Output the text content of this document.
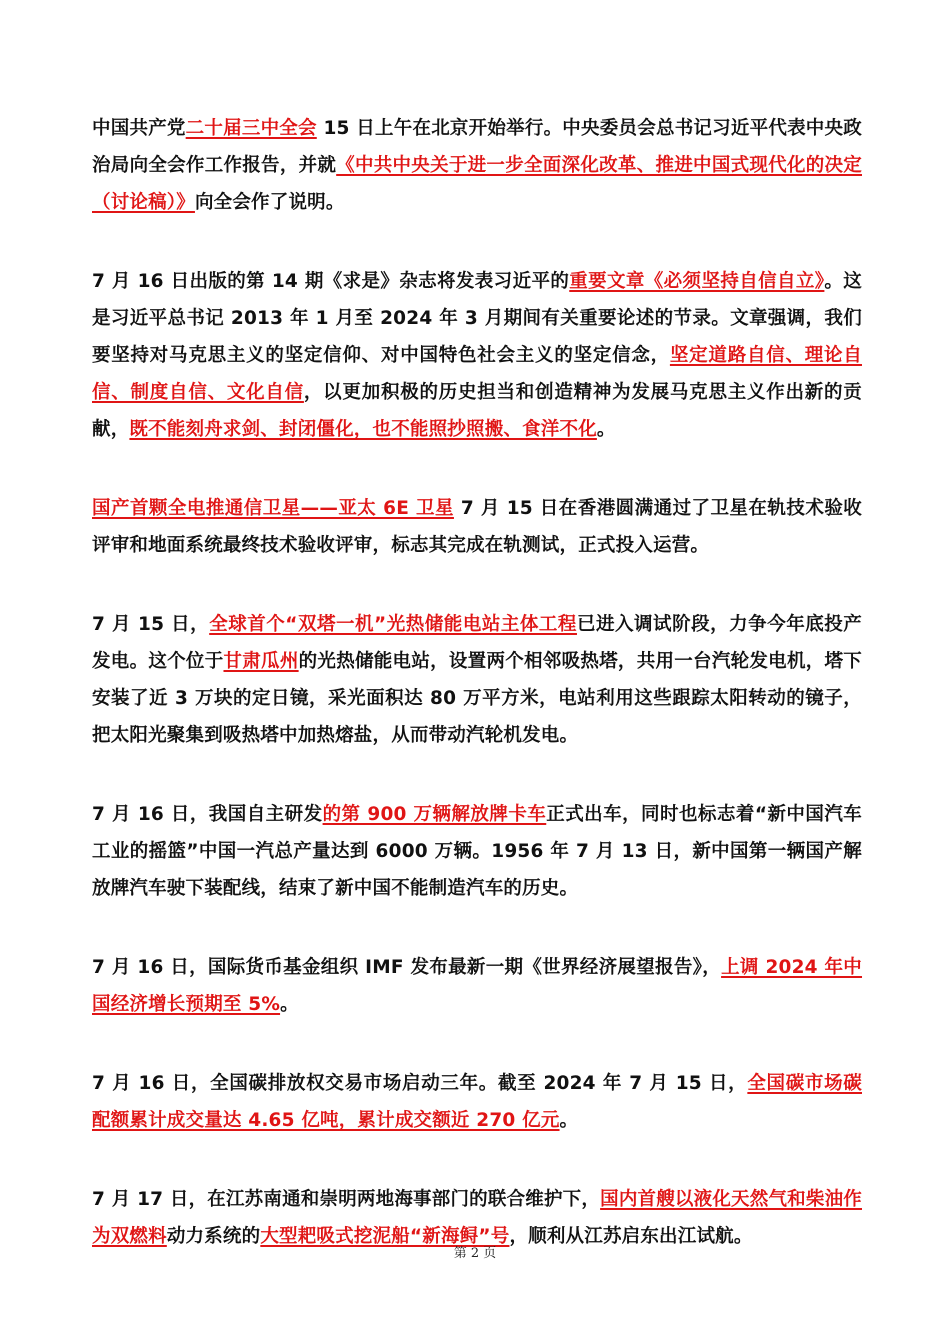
中国共产党二十届三中全会 15 日上午在北京开始举行。中央委员会总书记习近平代表中央政治局向全会作工作报告，并就《中共中央关于进一步全面深化改革、推进中国式现代化的决定（讨论稿）》向全会作了说明。

7 月 16 日出版的第 14 期《求是》杂志将发表习近平的重要文章《必须坚持自信自立》。这是习近平总书记 2013 年 1 月至 2024 年 3 月期间有关重要论述的节录。文章强调，我们要坚持对马克思主义的坚定信仰、对中国特色社会主义的坚定信念，坚定道路自信、理论自信、制度自信、文化自信，以更加积极的历史担当和创造精神为发展马克思主义作出新的贡献，既不能刻舟求剑、封闭僵化，也不能照抄照搬、食洋不化。

国产首颗全电推通信卫星——亚太 6E 卫星 7 月 15 日在香港圆满通过了卫星在轨技术验收评审和地面系统最终技术验收评审，标志其完成在轨测试，正式投入运营。

7 月 15 日，全球首个“双塔一机”光热储能电站主体工程已进入调试阶段，力争今年底投产发电。这个位于甘肃瓜州的光热储能电站，设置两个相邻吸热塔，共用一台汽轮发电机，塔下安装了近 3 万块的定日镜，采光面积达 80 万平方米，电站利用这些跟踪太阳转动的镜子，把太阳光聚集到吸热塔中加热熔盐，从而带动汽轮机发电。

7 月 16 日，我国自主研发的第 900 万辆解放牌卡车正式出车，同时也标志着“新中国汽车工业的摇篮”中国一汽总产量达到 6000 万辆。1956 年 7 月 13 日，新中国第一辆国产解放牌汽车驶下装配线，结束了新中国不能制造汽车的历史。

7 月 16 日，国际货币基金组织 IMF 发布最新一期《世界经济展望报告》，上调 2024 年中国经济增长预期至 5%。

7 月 16 日，全国碳排放权交易市场启动三年。截至 2024 年 7 月 15 日，全国碳市场碳配额累计成交量达 4.65 亿吨，累计成交额近 270 亿元。

7 月 17 日，在江苏南通和崇明两地海事部门的联合维护下，国内首艘以液化天然气和柴油作为双燃料动力系统的大型耙吸式挖泥船“新海鲟”号，顺利从江苏启东出江试航。

第 2 页
